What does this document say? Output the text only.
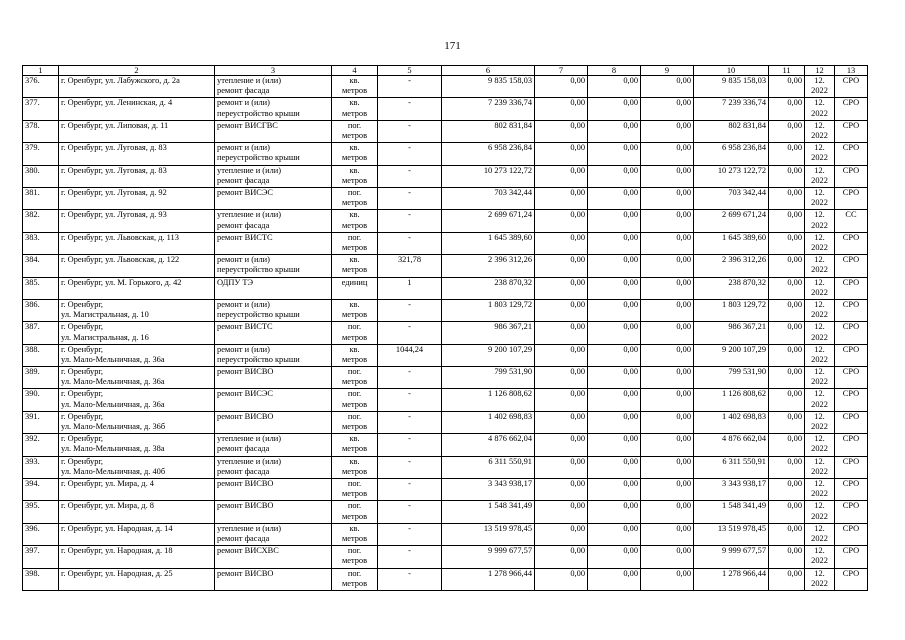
171
1	2	3	4	5	6	7	8	9	10	11	12	13
376.	г. Оренбург, ул. Лабужского, д. 2а	утепление и (или)
ремонт фасада	кв.
метров	-	9 835 158,03	0,00	0,00	0,00	9 835 158,03	0,00	12.
2022	СРО
377.	г. Оренбург, ул. Ленинская, д. 4	ремонт и (или)
переустройство крыши	кв.
метров	-	7 239 336,74	0,00	0,00	0,00	7 239 336,74	0,00	12.
2022	СРО
378.	г. Оренбург, ул. Липовая, д. 11	ремонт ВИСГВС	пог.
метров	-	802 831,84	0,00	0,00	0,00	802 831,84	0,00	12.
2022	СРО
379.	г. Оренбург, ул. Луговая, д. 83	ремонт и (или)
переустройство крыши	кв.
метров	-	6 958 236,84	0,00	0,00	0,00	6 958 236,84	0,00	12.
2022	СРО
380.	г. Оренбург, ул. Луговая, д. 83	утепление и (или)
ремонт фасада	кв.
метров	-	10 273 122,72	0,00	0,00	0,00	10 273 122,72	0,00	12.
2022	СРО
381.	г. Оренбург, ул. Луговая, д. 92	ремонт ВИСЭС	пог.
метров	-	703 342,44	0,00	0,00	0,00	703 342,44	0,00	12.
2022	СРО
382.	г. Оренбург, ул. Луговая, д. 93	утепление и (или)
ремонт фасада	кв.
метров	-	2 699 671,24	0,00	0,00	0,00	2 699 671,24	0,00	12.
2022	СС
383.	г. Оренбург, ул. Львовская, д. 113	ремонт ВИСТС	пог.
метров	-	1 645 389,60	0,00	0,00	0,00	1 645 389,60	0,00	12.
2022	СРО
384.	г. Оренбург, ул. Львовская, д. 122	ремонт и (или)
переустройство крыши	кв.
метров	321,78	2 396 312,26	0,00	0,00	0,00	2 396 312,26	0,00	12.
2022	СРО
385.	г. Оренбург, ул. М. Горького, д. 42	ОДПУ ТЭ	единиц	1	238 870,32	0,00	0,00	0,00	238 870,32	0,00	12.
2022	СРО
386.	г. Оренбург,
ул. Магистральная, д. 10	ремонт и (или)
переустройство крыши	кв.
метров	-	1 803 129,72	0,00	0,00	0,00	1 803 129,72	0,00	12.
2022	СРО
387.	г. Оренбург,
ул. Магистральная, д. 16	ремонт ВИСТС	пог.
метров	-	986 367,21	0,00	0,00	0,00	986 367,21	0,00	12.
2022	СРО
388.	г. Оренбург,
ул. Мало-Мельничная, д. 36а	ремонт и (или)
переустройство крыши	кв.
метров	1044,24	9 200 107,29	0,00	0,00	0,00	9 200 107,29	0,00	12.
2022	СРО
389.	г. Оренбург,
ул. Мало-Мельничная, д. 36а	ремонт ВИСВО	пог.
метров	-	799 531,90	0,00	0,00	0,00	799 531,90	0,00	12.
2022	СРО
390.	г. Оренбург,
ул. Мало-Мельничная, д. 36а	ремонт ВИСЭС	пог.
метров	-	1 126 808,62	0,00	0,00	0,00	1 126 808,62	0,00	12.
2022	СРО
391.	г. Оренбург,
ул. Мало-Мельничная, д. 36б	ремонт ВИСВО	пог.
метров	-	1 402 698,83	0,00	0,00	0,00	1 402 698,83	0,00	12.
2022	СРО
392.	г. Оренбург,
ул. Мало-Мельничная, д. 38а	утепление и (или)
ремонт фасада	кв.
метров	-	4 876 662,04	0,00	0,00	0,00	4 876 662,04	0,00	12.
2022	СРО
393.	г. Оренбург,
ул. Мало-Мельничная, д. 40б	утепление и (или)
ремонт фасада	кв.
метров	-	6 311 550,91	0,00	0,00	0,00	6 311 550,91	0,00	12.
2022	СРО
394.	г. Оренбург, ул. Мира, д. 4	ремонт ВИСВО	пог.
метров	-	3 343 938,17	0,00	0,00	0,00	3 343 938,17	0,00	12.
2022	СРО
395.	г. Оренбург, ул. Мира, д. 8	ремонт ВИСВО	пог.
метров	-	1 548 341,49	0,00	0,00	0,00	1 548 341,49	0,00	12.
2022	СРО
396.	г. Оренбург, ул. Народная, д. 14	утепление и (или)
ремонт фасада	кв.
метров	-	13 519 978,45	0,00	0,00	0,00	13 519 978,45	0,00	12.
2022	СРО
397.	г. Оренбург, ул. Народная, д. 18	ремонт ВИСХВС	пог.
метров	-	9 999 677,57	0,00	0,00	0,00	9 999 677,57	0,00	12.
2022	СРО
398.	г. Оренбург, ул. Народная, д. 25	ремонт ВИСВО	пог.
метров	-	1 278 966,44	0,00	0,00	0,00	1 278 966,44	0,00	12.
2022	СРО
